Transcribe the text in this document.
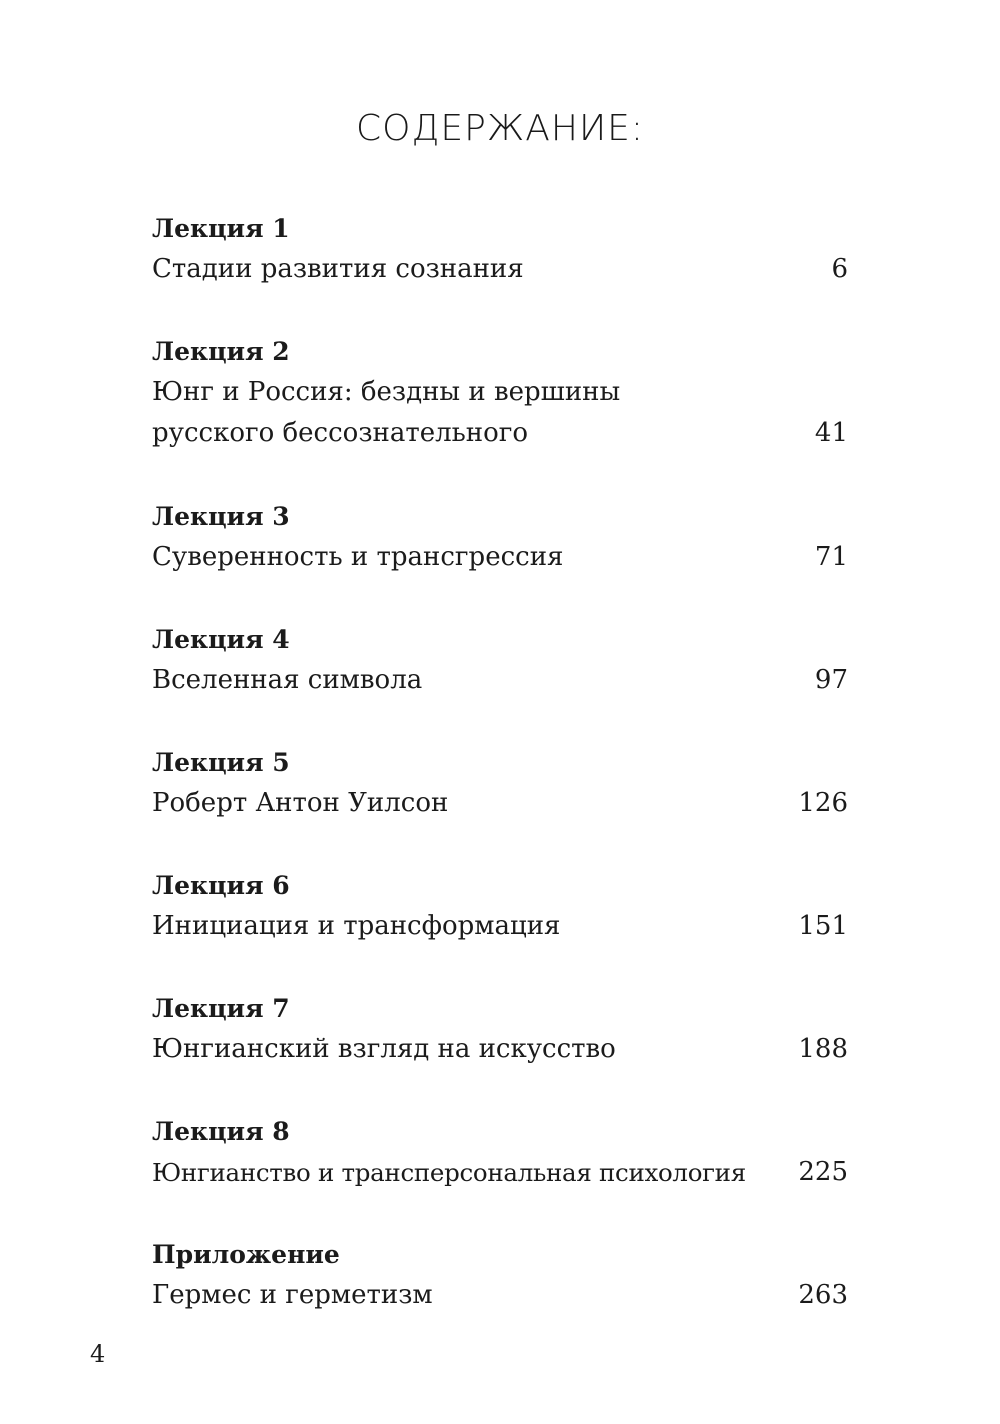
СОДЕРЖАНИЕ:
Лекция 1
Стадии развития сознания	6
Лекция 2
Юнг и Россия: бездны и вершины
русского бессознательного	41
Лекция 3
Суверенность и трансгрессия	71
Лекция 4
Вселенная символа	97
Лекция 5
Роберт Антон Уилсон	126
Лекция 6
Инициация и трансформация	151
Лекция 7
Юнгианский взгляд на искусство	188
Лекция 8
Юнгианство и трансперсональная психология	225
Приложение
Гермес и герметизм	263
4
